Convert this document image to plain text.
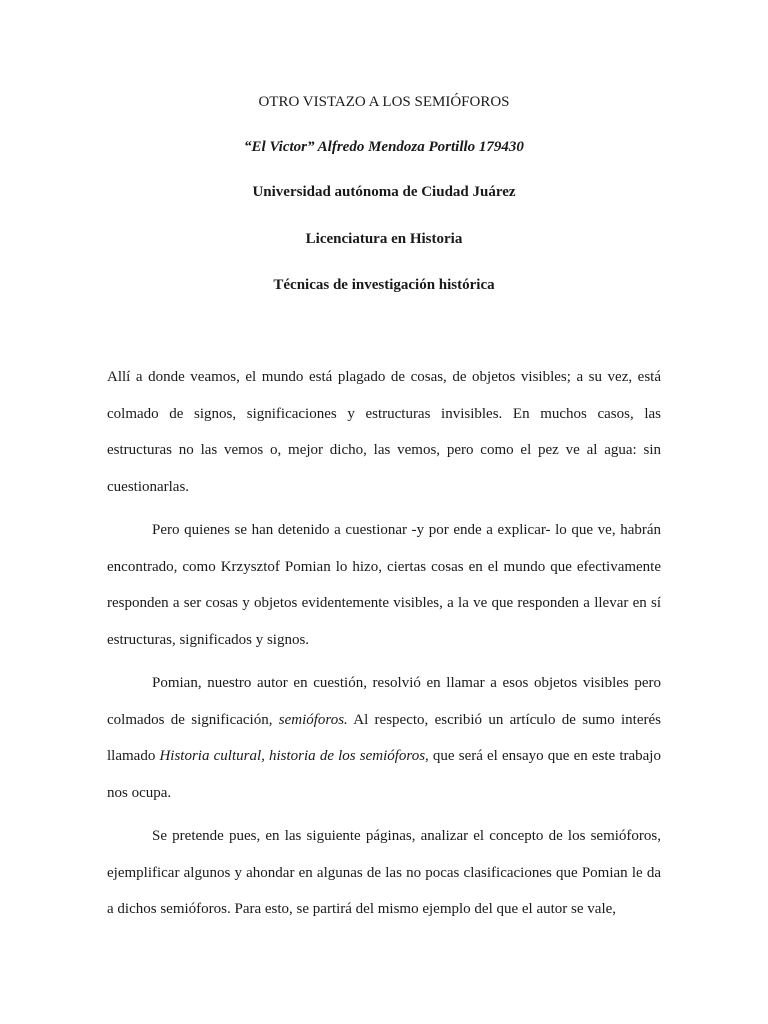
OTRO VISTAZO A LOS SEMIÓFOROS
“El Victor” Alfredo Mendoza Portillo 179430
Universidad autónoma de Ciudad Juárez
Licenciatura en Historia
Técnicas de investigación histórica

Allí a donde veamos, el mundo está plagado de cosas, de objetos visibles; a su vez, está colmado de signos, significaciones y estructuras invisibles. En muchos casos, las estructuras no las vemos o, mejor dicho, las vemos, pero como el pez ve al agua: sin cuestionarlas.

Pero quienes se han detenido a cuestionar -y por ende a explicar- lo que ve, habrán encontrado, como Krzysztof Pomian lo hizo, ciertas cosas en el mundo que efectivamente responden a ser cosas y objetos evidentemente visibles, a la ve que responden a llevar en sí estructuras, significados y signos.

Pomian, nuestro autor en cuestión, resolvió en llamar a esos objetos visibles pero colmados de significación, semióforos. Al respecto, escribió un artículo de sumo interés llamado Historia cultural, historia de los semióforos, que será el ensayo que en este trabajo nos ocupa.

Se pretende pues, en las siguiente páginas, analizar el concepto de los semióforos, ejemplificar algunos y ahondar en algunas de las no pocas clasificaciones que Pomian le da a dichos semióforos. Para esto, se partirá del mismo ejemplo del que el autor se vale,
